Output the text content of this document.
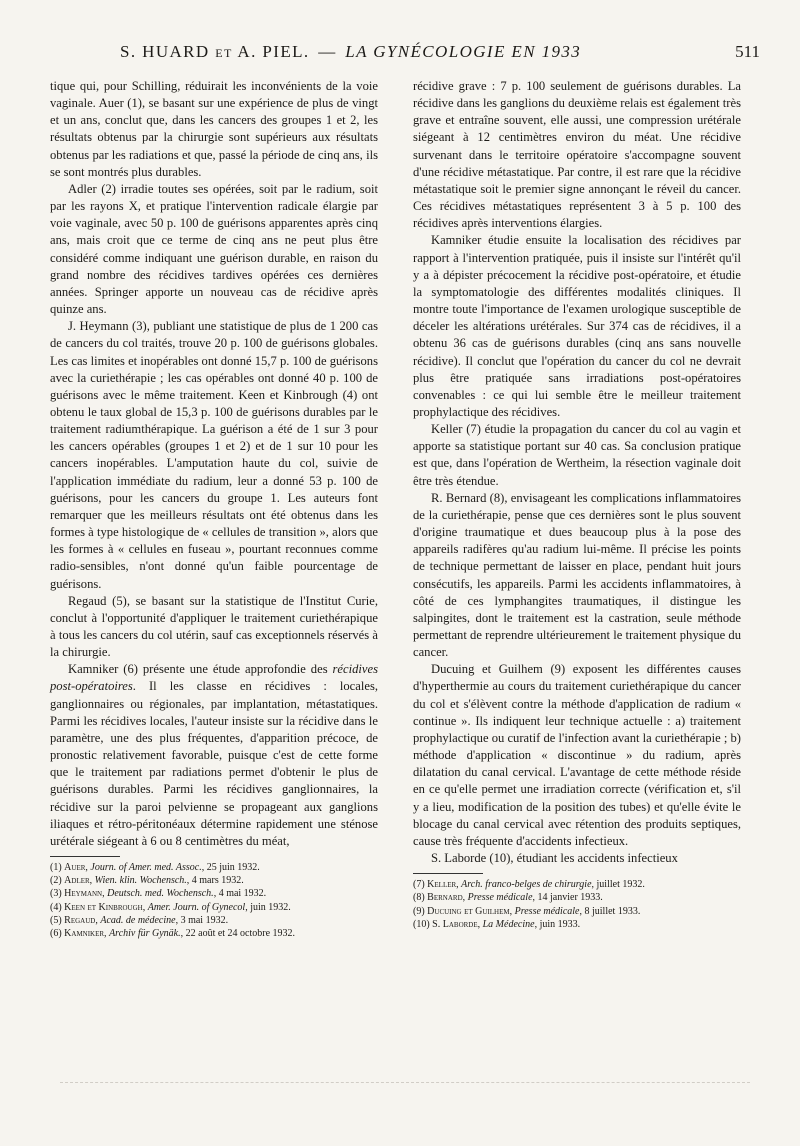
S. HUARD et A. PIEL. — LA GYNÉCOLOGIE EN 1933	511

tique qui, pour Schilling, réduirait les inconvénients de la voie vaginale. Auer (1), se basant sur une expérience de plus de vingt et un ans, conclut que, dans les cancers des groupes 1 et 2, les résultats obtenus par la chirurgie sont supérieurs aux résultats obtenus par les radiations et que, passé la période de cinq ans, ils se sont montrés plus durables.

Adler (2) irradie toutes ses opérées, soit par le radium, soit par les rayons X, et pratique l'intervention radicale élargie par voie vaginale, avec 50 p. 100 de guérisons apparentes après cinq ans, mais croit que ce terme de cinq ans ne peut plus être considéré comme indiquant une guérison durable, en raison du grand nombre des récidives tardives opérées ces dernières années. Springer apporte un nouveau cas de récidive après quinze ans.

J. Heymann (3), publiant une statistique de plus de 1 200 cas de cancers du col traités, trouve 20 p. 100 de guérisons globales. Les cas limites et inopérables ont donné 15,7 p. 100 de guérisons avec la curiethérapie ; les cas opérables ont donné 40 p. 100 de guérisons avec le même traitement. Keen et Kinbrough (4) ont obtenu le taux global de 15,3 p. 100 de guérisons durables par le traitement radiumthérapique. La guérison a été de 1 sur 3 pour les cancers opérables (groupes 1 et 2) et de 1 sur 10 pour les cancers inopérables. L'amputation haute du col, suivie de l'application immédiate du radium, leur a donné 53 p. 100 de guérisons, pour les cancers du groupe 1. Les auteurs font remarquer que les meilleurs résultats ont été obtenus dans les formes à type histologique de « cellules de transition », alors que les formes à « cellules en fuseau », pourtant reconnues comme radio-sensibles, n'ont donné qu'un faible pourcentage de guérisons.

Regaud (5), se basant sur la statistique de l'Institut Curie, conclut à l'opportunité d'appliquer le traitement curiethérapique à tous les cancers du col utérin, sauf cas exceptionnels réservés à la chirurgie.

Kamniker (6) présente une étude approfondie des récidives post-opératoires. Il les classe en récidives : locales, ganglionnaires ou régionales, par implantation, métastatiques. Parmi les récidives locales, l'auteur insiste sur la récidive dans le paramètre, une des plus fréquentes, d'apparition précoce, de pronostic relativement favorable, puisque c'est de cette forme que le traitement par radiations permet d'obtenir le plus de guérisons durables. Parmi les récidives ganglionnaires, la récidive sur la paroi pelvienne se propageant aux ganglions iliaques et rétro-péritonéaux détermine rapidement une sténose urétérale siégeant à 6 ou 8 centimètres du méat,

(1) Auer, Journ. of Amer. med. Assoc., 25 juin 1932.

(2) Adler, Wien. klin. Wochensch., 4 mars 1932.

(3) Heymann, Deutsch. med. Wochensch., 4 mai 1932.

(4) Keen et Kinbrough, Amer. Journ. of Gynecol, juin 1932.

(5) Regaud, Acad. de médecine, 3 mai 1932.

(6) Kamniker, Archiv für Gynäk., 22 août et 24 octobre 1932.

récidive grave : 7 p. 100 seulement de guérisons durables. La récidive dans les ganglions du deuxième relais est également très grave et entraîne souvent, elle aussi, une compression urétérale siégeant à 12 centimètres environ du méat. Une récidive survenant dans le territoire opératoire s'accompagne souvent d'une récidive métastatique. Par contre, il est rare que la récidive métastatique soit le premier signe annonçant le réveil du cancer. Ces récidives métastatiques représentent 3 à 5 p. 100 des récidives après interventions élargies.

Kamniker étudie ensuite la localisation des récidives par rapport à l'intervention pratiquée, puis il insiste sur l'intérêt qu'il y a à dépister précocement la récidive post-opératoire, et étudie la symptomatologie des différentes modalités cliniques. Il montre toute l'importance de l'examen urologique susceptible de déceler les altérations urétérales. Sur 374 cas de récidives, il a obtenu 36 cas de guérisons durables (cinq ans sans nouvelle récidive). Il conclut que l'opération du cancer du col ne devrait plus être pratiquée sans irradiations post-opératoires convenables : ce qui lui semble être le meilleur traitement prophylactique des récidives.

Keller (7) étudie la propagation du cancer du col au vagin et apporte sa statistique portant sur 40 cas. Sa conclusion pratique est que, dans l'opération de Wertheim, la résection vaginale doit être très étendue.

R. Bernard (8), envisageant les complications inflammatoires de la curiethérapie, pense que ces dernières sont le plus souvent d'origine traumatique et dues beaucoup plus à la pose des appareils radifères qu'au radium lui-même. Il précise les points de technique permettant de laisser en place, pendant huit jours consécutifs, les appareils. Parmi les accidents inflammatoires, à côté de ces lymphangites traumatiques, il distingue les salpingites, dont le traitement est la castration, seule méthode permettant de reprendre ultérieurement le traitement physique du cancer.

Ducuing et Guilhem (9) exposent les différentes causes d'hyperthermie au cours du traitement curiethérapique du cancer du col et s'élèvent contre la méthode d'application de radium « continue ». Ils indiquent leur technique actuelle : a) traitement prophylactique ou curatif de l'infection avant la curiethérapie ; b) méthode d'application « discontinue » du radium, après dilatation du canal cervical. L'avantage de cette méthode réside en ce qu'elle permet une irradiation correcte (vérification et, s'il y a lieu, modification de la position des tubes) et qu'elle évite le blocage du canal cervical avec rétention des produits septiques, cause très fréquente d'accidents infectieux.

S. Laborde (10), étudiant les accidents infectieux

(7) Keller, Arch. franco-belges de chirurgie, juillet 1932.

(8) Bernard, Presse médicale, 14 janvier 1933.

(9) Ducuing et Guilhem, Presse médicale, 8 juillet 1933.

(10) S. Laborde, La Médecine, juin 1933.
